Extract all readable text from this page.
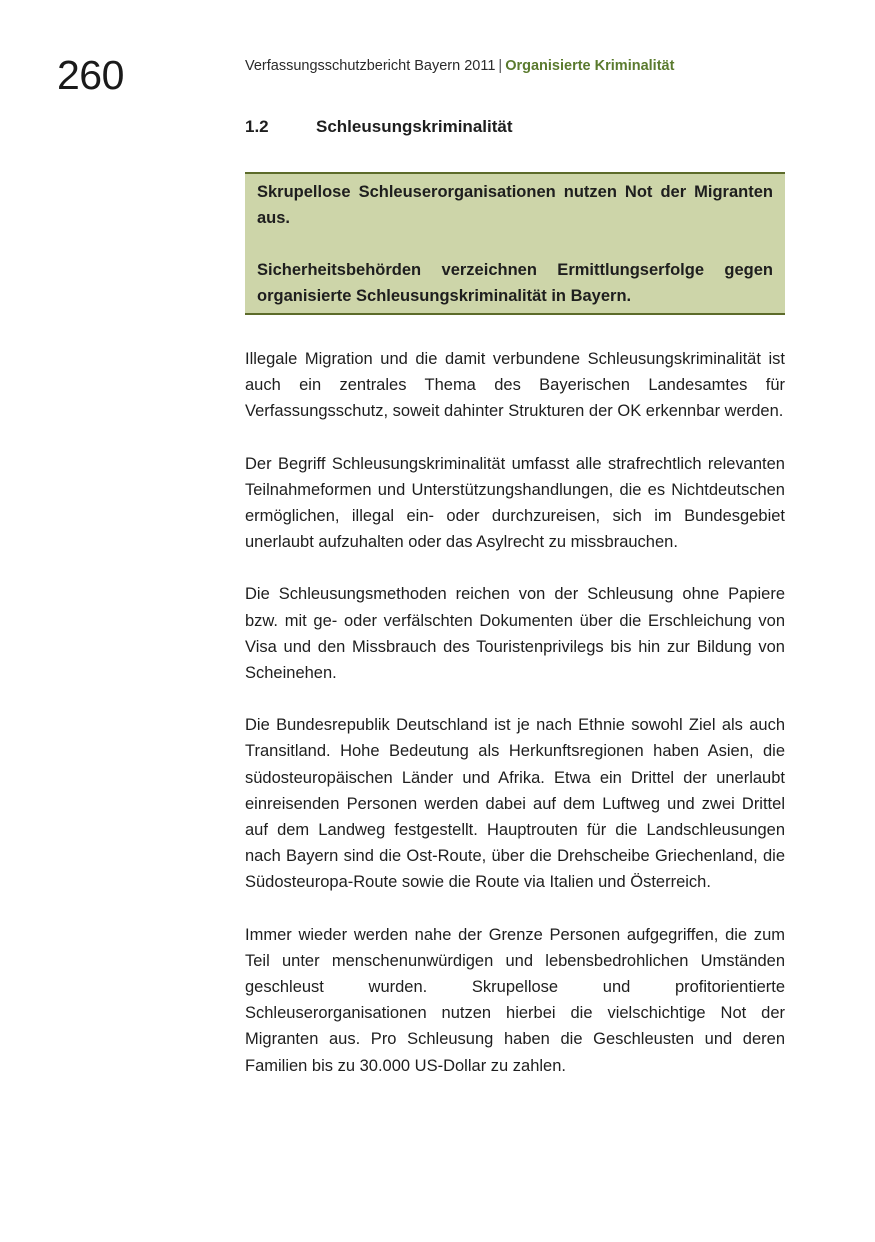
260	Verfassungsschutzbericht Bayern 2011 | Organisierte Kriminalität
1.2	Schleusungskriminalität

Skrupellose Schleuserorganisationen nutzen Not der Migranten aus.

Sicherheitsbehörden verzeichnen Ermittlungserfolge gegen organisierte Schleusungskriminalität in Bayern.

Illegale Migration und die damit verbundene Schleusungskriminalität ist auch ein zentrales Thema des Bayerischen Landesamtes für Verfassungsschutz, soweit dahinter Strukturen der OK erkennbar werden.

Der Begriff Schleusungskriminalität umfasst alle strafrechtlich relevanten Teilnahmeformen und Unterstützungshandlungen, die es Nichtdeutschen ermöglichen, illegal ein- oder durchzureisen, sich im Bundesgebiet unerlaubt aufzuhalten oder das Asylrecht zu missbrauchen.

Die Schleusungsmethoden reichen von der Schleusung ohne Papiere bzw. mit ge- oder verfälschten Dokumenten über die Erschleichung von Visa und den Missbrauch des Touristenprivilegs bis hin zur Bildung von Scheinehen.

Die Bundesrepublik Deutschland ist je nach Ethnie sowohl Ziel als auch Transitland. Hohe Bedeutung als Herkunftsregionen haben Asien, die südosteuropäischen Länder und Afrika. Etwa ein Drittel der unerlaubt einreisenden Personen werden dabei auf dem Luftweg und zwei Drittel auf dem Landweg festgestellt. Hauptrouten für die Landschleusungen nach Bayern sind die Ost-Route, über die Drehscheibe Griechenland, die Südosteuropa-Route sowie die Route via Italien und Österreich.

Immer wieder werden nahe der Grenze Personen aufgegriffen, die zum Teil unter menschenunwürdigen und lebensbedrohlichen Umständen geschleust wurden. Skrupellose und profitorientierte Schleuserorganisationen nutzen hierbei die vielschichtige Not der Migranten aus. Pro Schleusung haben die Geschleusten und deren Familien bis zu 30.000 US-Dollar zu zahlen.
